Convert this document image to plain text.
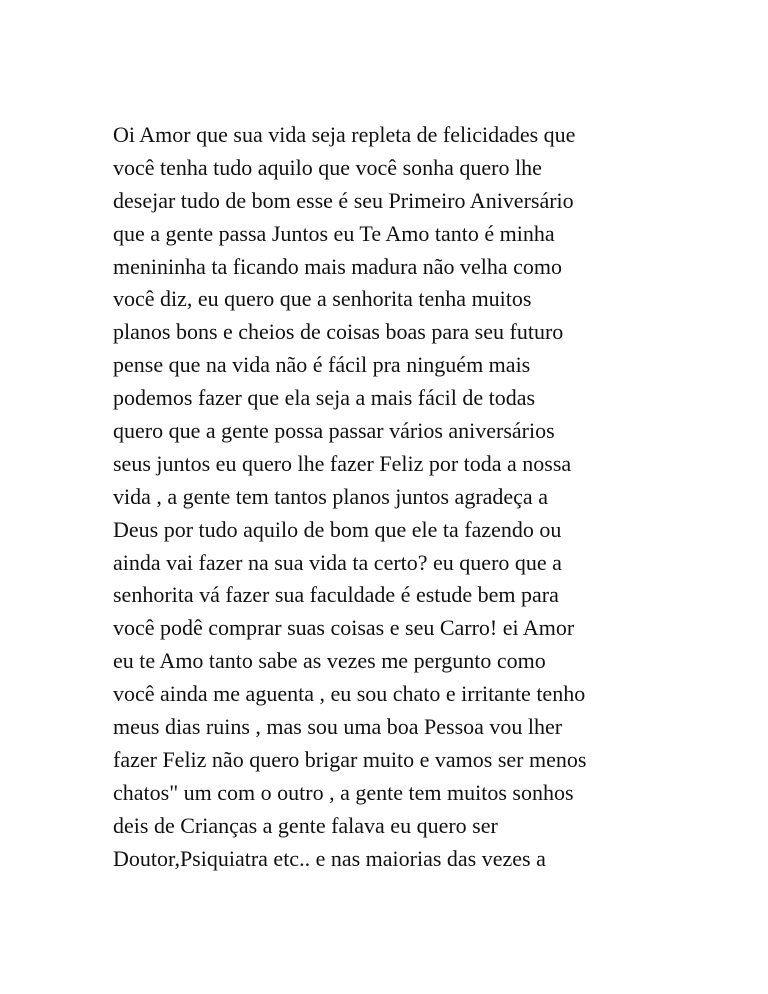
Oi Amor que sua vida seja repleta de felicidades que
você tenha tudo aquilo que você sonha quero lhe
desejar tudo de bom esse é seu Primeiro Aniversário
que a gente passa Juntos eu Te Amo tanto é minha
menininha ta ficando mais madura não velha como
você diz, eu quero que a senhorita tenha muitos
planos bons e cheios de coisas boas para seu futuro
pense que na vida não é fácil pra ninguém mais
podemos fazer que ela seja a mais fácil de todas
quero que a gente possa passar vários aniversários
seus juntos eu quero lhe fazer Feliz por toda a nossa
vida , a gente tem tantos planos juntos agradeça a
Deus por tudo aquilo de bom que ele ta fazendo ou
ainda vai fazer na sua vida ta certo? eu quero que a
senhorita vá fazer sua faculdade é estude bem para
você podê comprar suas coisas e seu Carro! ei Amor
eu te Amo tanto sabe as vezes me pergunto como
você ainda me aguenta , eu sou chato e irritante tenho
meus dias ruins , mas sou uma boa Pessoa vou lher
fazer Feliz não quero brigar muito e vamos ser menos
chatos" um com o outro , a gente tem muitos sonhos
deis de Crianças a gente falava eu quero ser
Doutor,Psiquiatra etc.. e nas maiorias das vezes a
